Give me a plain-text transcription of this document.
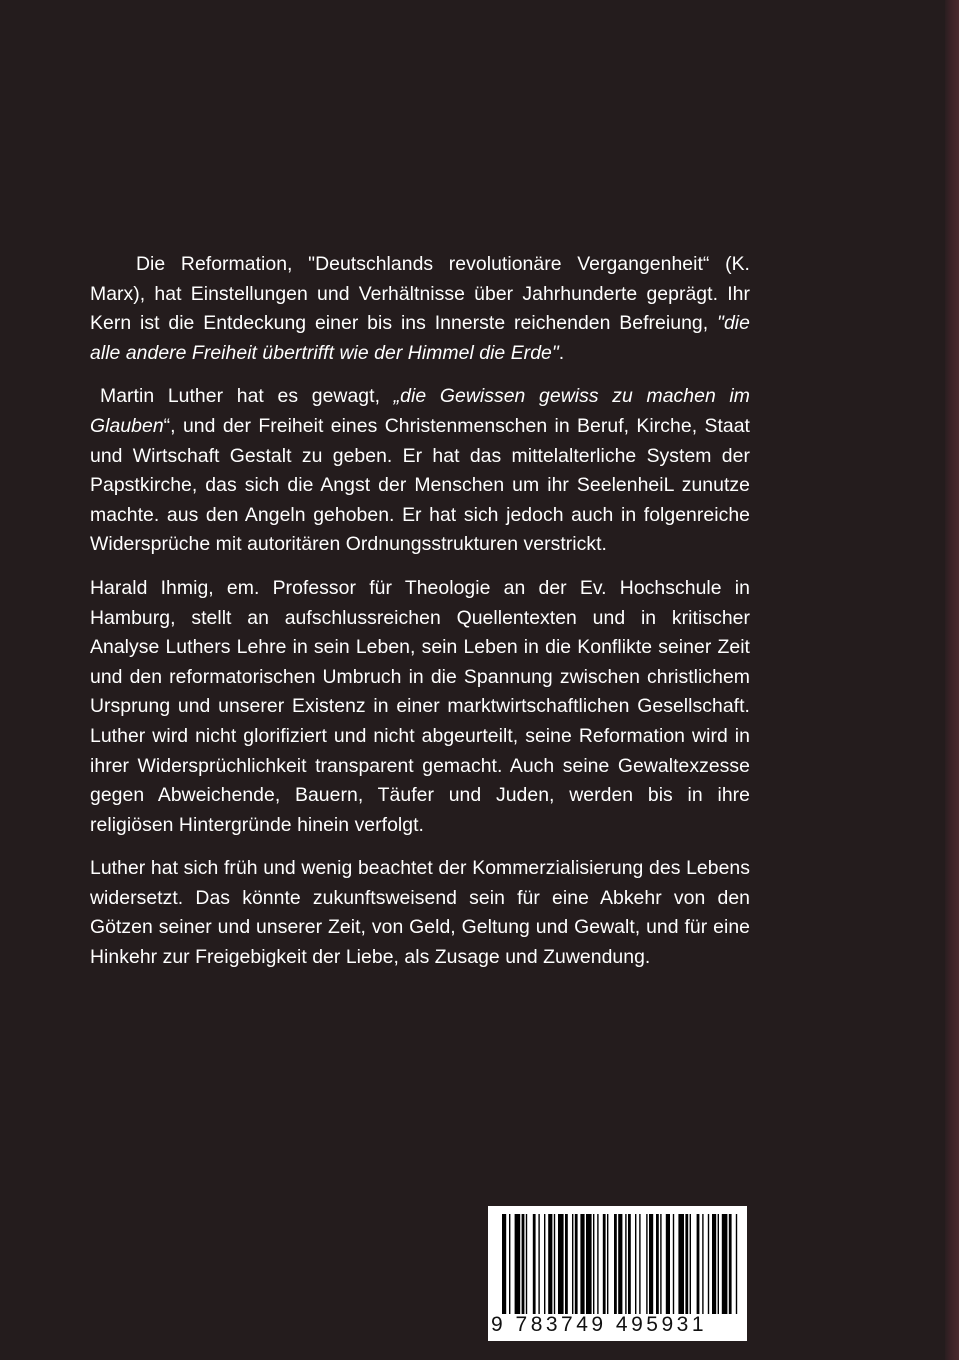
Die Reformation, "Deutschlands revolutionäre Vergangenheit“ (K. Marx), hat Einstellungen und Verhältnisse über Jahrhunderte geprägt. Ihr Kern ist die Entdeckung einer bis ins Innerste reichenden Befreiung, "die alle andere Freiheit übertrifft wie der Himmel die Erde".

Martin Luther hat es gewagt, „die Gewissen gewiss zu machen im Glauben“, und der Freiheit eines Christenmenschen in Beruf, Kirche, Staat und Wirtschaft Gestalt zu geben. Er hat das mittelalterliche System der Papstkirche, das sich die Angst der Menschen um ihr SeelenheiL zunutze machte. aus den Angeln gehoben. Er hat sich jedoch auch in folgenreiche Widersprüche mit autoritären Ordnungsstrukturen verstrickt.

Harald Ihmig, em. Professor für Theologie an der Ev. Hochschule in Hamburg, stellt an aufschlussreichen Quellentexten und in kritischer Analyse Luthers Lehre in sein Leben, sein Leben in die Konflikte seiner Zeit und den reformatorischen Umbruch in die Spannung zwischen christlichem Ursprung und unserer Existenz in einer marktwirtschaftlichen Gesellschaft. Luther wird nicht glorifiziert und nicht abgeurteilt, seine Reformation wird in ihrer Widersprüchlichkeit transparent gemacht. Auch seine Gewaltexzesse gegen Abweichende, Bauern, Täufer und Juden, werden bis in ihre religiösen Hintergründe hinein verfolgt.

Luther hat sich früh und wenig beachtet der Kommerzialisierung des Lebens widersetzt. Das könnte zukunftsweisend sein für eine Abkehr von den Götzen seiner und unserer Zeit, von Geld, Geltung und Gewalt, und für eine Hinkehr zur Freigebigkeit der Liebe, als Zusage und Zuwendung.

9 783749 495931
